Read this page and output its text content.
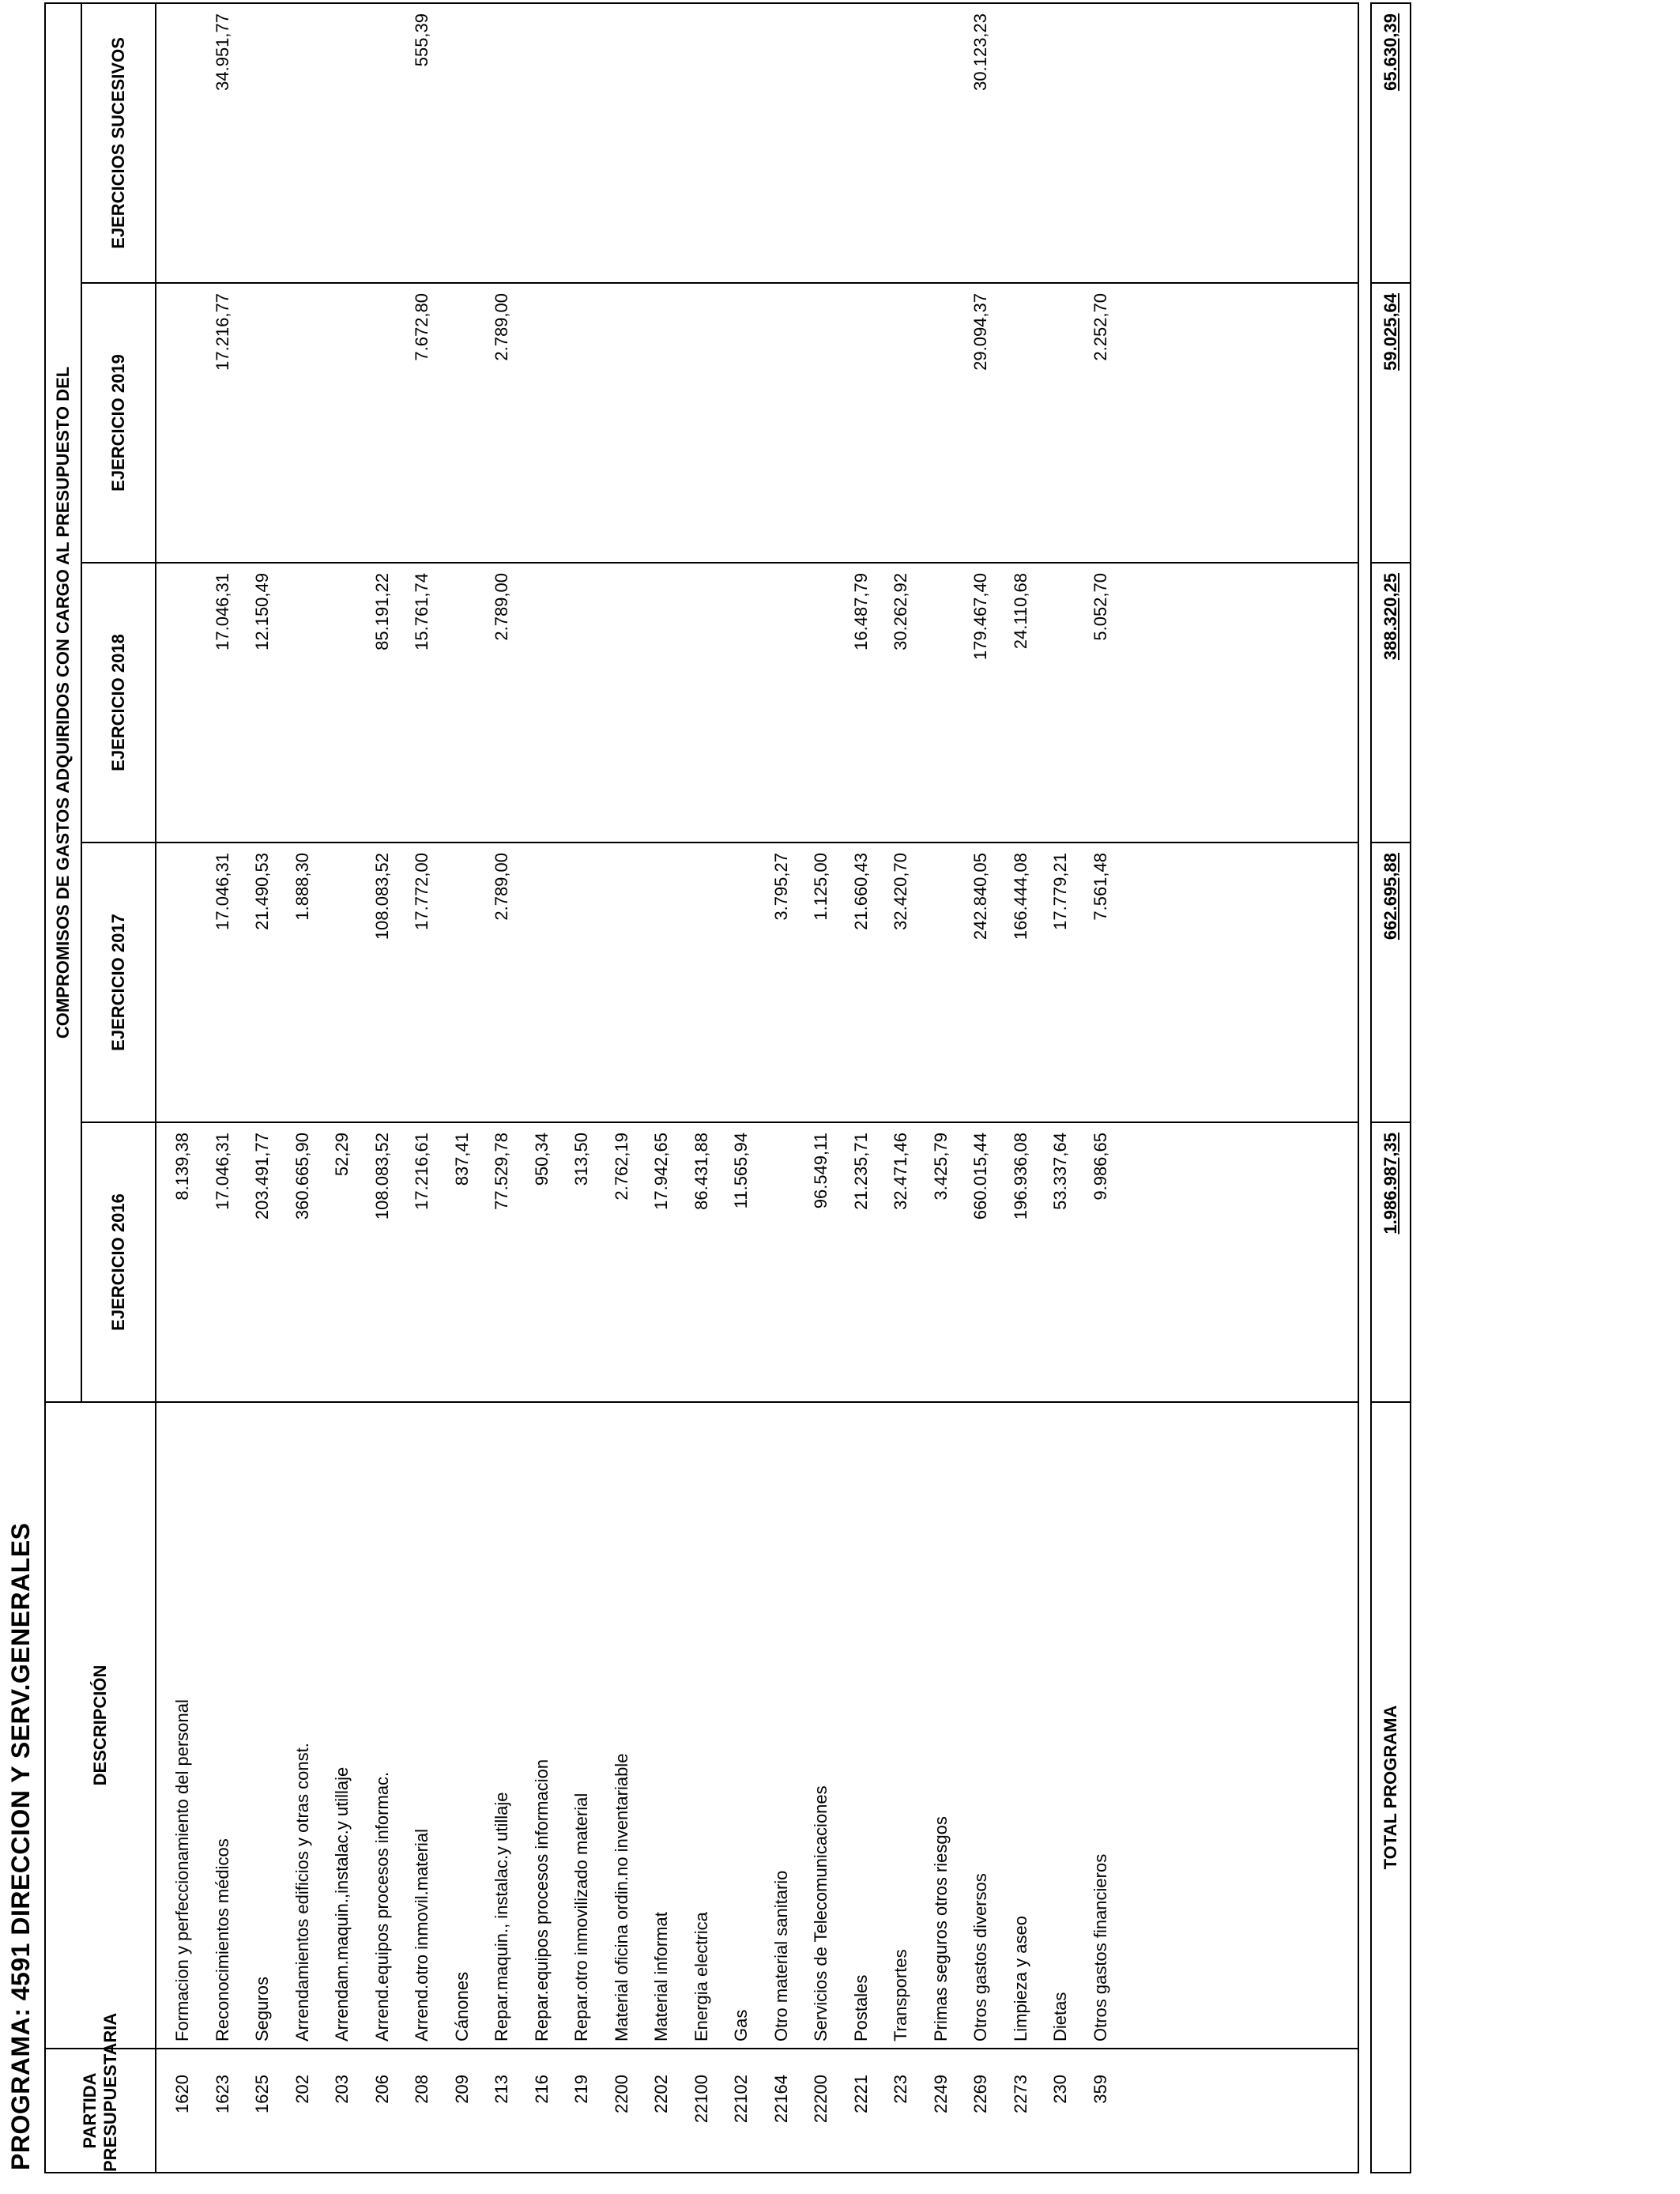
PROGRAMA: 4591 DIRECCION Y SERV.GENERALES	PARTIDA PRESUPUESTARIA	DESCRIPCIÓN	COMPROMISOS DE GASTOS ADQUIRIDOS CON CARGO AL PRESUPUESTO DEL				
		EJERCICIO 2016	EJERCICIO 2017	EJERCICIO 2018	EJERCICIO 2019	EJERCICIOS SUCESIVOS
1620	Formacion y perfeccionamiento del personal	8.139,38				
1623	Reconocimientos médicos	17.046,31	17.046,31	17.046,31	17.216,77	34.951,77
1625	Seguros	203.491,77	21.490,53	12.150,49		
202	Arrendamientos edificios y otras const.	360.665,90	1.888,30			
203	Arrendam.maquin.,instalac.y utillaje	52,29				
206	Arrend.equipos procesos informac.	108.083,52	108.083,52	85.191,22		
208	Arrend.otro inmovil.material	17.216,61	17.772,00	15.761,74	7.672,80	555,39
209	Cánones	837,41				
213	Repar.maquin., instalac.y utillaje	77.529,78	2.789,00	2.789,00	2.789,00	
216	Repar.equipos procesos informacion	950,34				
219	Repar.otro inmovilizado material	313,50				
2200	Material oficina ordin.no inventariable	2.762,19				
2202	Material informat	17.942,65				
22100	Energia electrica	86.431,88				
22102	Gas	11.565,94				
22164	Otro material sanitario		3.795,27			
22200	Servicios de Telecomunicaciones	96.549,11	1.125,00			
2221	Postales	21.235,71	21.660,43	16.487,79		
223	Transportes	32.471,46	32.420,70	30.262,92		
2249	Primas seguros otros riesgos	3.425,79				
2269	Otros gastos diversos	660.015,44	242.840,05	179.467,40	29.094,37	30.123,23
2273	Limpieza y aseo	196.936,08	166.444,08	24.110,68		
230	Dietas	53.337,64	17.779,21			
359	Otros gastos financieros	9.986,65	7.561,48	5.052,70	2.252,70	

TOTAL PROGRAMA		1.986.987,35	662.695,88	388.320,25	59.025,64	65.630,39
